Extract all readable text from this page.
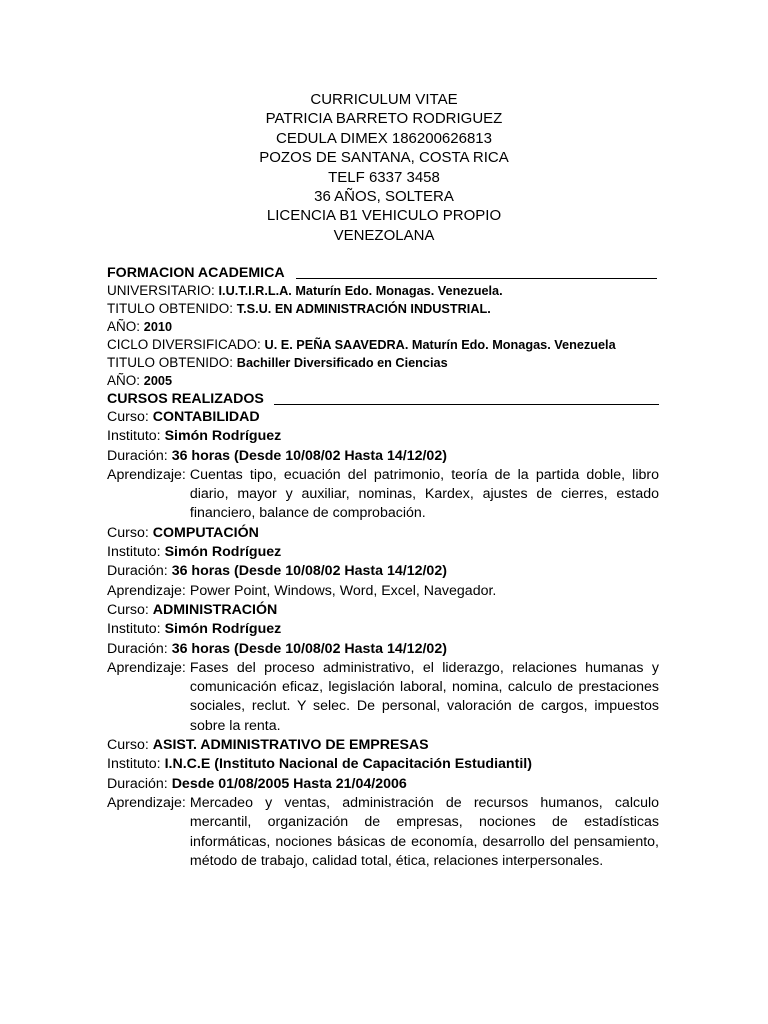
CURRICULUM VITAE
PATRICIA BARRETO RODRIGUEZ
CEDULA DIMEX 186200626813
POZOS DE SANTANA, COSTA RICA
TELF 6337 3458
36 AÑOS, SOLTERA
LICENCIA B1 VEHICULO PROPIO
VENEZOLANA
FORMACION ACADEMICA
UNIVERSITARIO: I.U.T.I.R.L.A. Maturín Edo. Monagas. Venezuela.
TITULO OBTENIDO: T.S.U. EN ADMINISTRACIÓN INDUSTRIAL.
AÑO: 2010
CICLO DIVERSIFICADO: U. E. PEÑA SAAVEDRA. Maturín Edo. Monagas. Venezuela
TITULO OBTENIDO: Bachiller Diversificado en Ciencias
AÑO: 2005
CURSOS REALIZADOS
Curso: CONTABILIDAD
Instituto: Simón Rodríguez
Duración: 36 horas (Desde 10/08/02 Hasta 14/12/02)
Aprendizaje: Cuentas tipo, ecuación del patrimonio, teoría de la partida doble, libro diario, mayor y auxiliar, nominas, Kardex, ajustes de cierres, estado financiero, balance de comprobación.
Curso: COMPUTACIÓN
Instituto: Simón Rodríguez
Duración: 36 horas (Desde 10/08/02 Hasta 14/12/02)
Aprendizaje: Power Point, Windows, Word, Excel, Navegador.
Curso: ADMINISTRACIÓN
Instituto: Simón Rodríguez
Duración: 36 horas (Desde 10/08/02 Hasta 14/12/02)
Aprendizaje: Fases del proceso administrativo, el liderazgo, relaciones humanas y comunicación eficaz, legislación laboral, nomina, calculo de prestaciones sociales, reclut. Y selec. De personal, valoración de cargos, impuestos sobre la renta.
Curso: ASIST. ADMINISTRATIVO DE EMPRESAS
Instituto: I.N.C.E (Instituto Nacional de Capacitación Estudiantil)
Duración: Desde 01/08/2005 Hasta 21/04/2006
Aprendizaje: Mercadeo y ventas, administración de recursos humanos, calculo mercantil, organización de empresas, nociones de estadísticas informáticas, nociones básicas de economía, desarrollo del pensamiento, método de trabajo, calidad total, ética, relaciones interpersonales.
